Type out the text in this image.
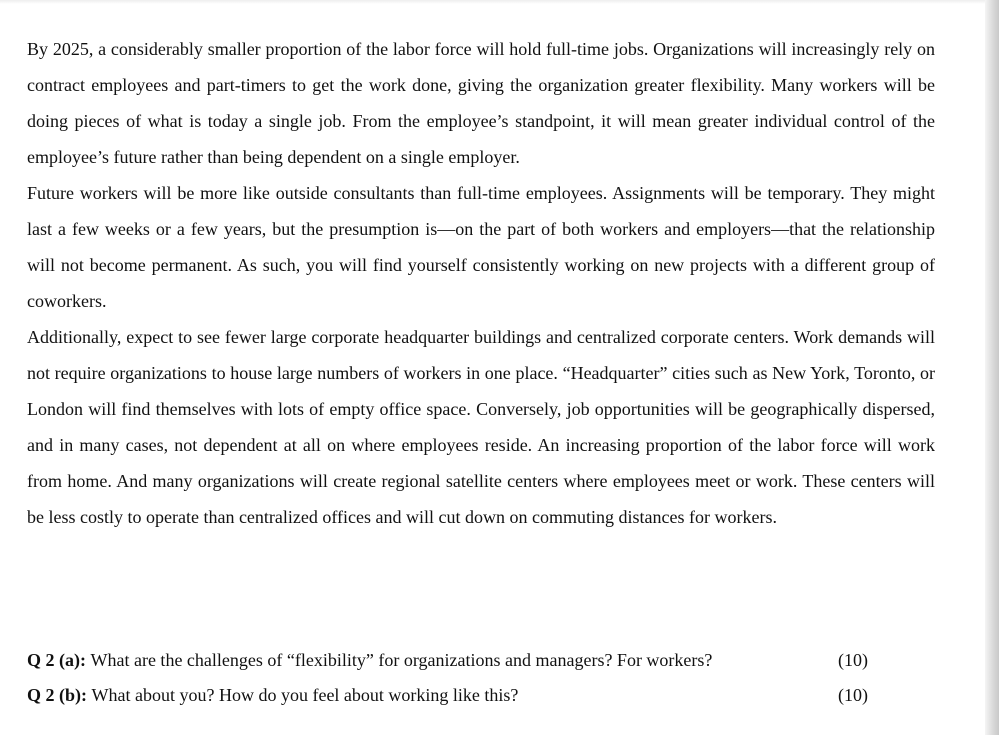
By 2025, a considerably smaller proportion of the labor force will hold full-time jobs. Organizations will increasingly rely on contract employees and part-timers to get the work done, giving the organization greater flexibility. Many workers will be doing pieces of what is today a single job. From the employee’s standpoint, it will mean greater individual control of the employee’s future rather than being dependent on a single employer.

Future workers will be more like outside consultants than full-time employees. Assignments will be temporary. They might last a few weeks or a few years, but the presumption is—on the part of both workers and employers—that the relationship will not become permanent. As such, you will find yourself consistently working on new projects with a different group of coworkers.

Additionally, expect to see fewer large corporate headquarter buildings and centralized corporate centers. Work demands will not require organizations to house large numbers of workers in one place. “Headquarter” cities such as New York, Toronto, or London will find themselves with lots of empty office space. Conversely, job opportunities will be geographically dispersed, and in many cases, not dependent at all on where employees reside. An increasing proportion of the labor force will work from home. And many organizations will create regional satellite centers where employees meet or work. These centers will be less costly to operate than centralized offices and will cut down on commuting distances for workers.

Q 2 (a): What are the challenges of “flexibility” for organizations and managers? For workers?	(10)
Q 2 (b): What about you? How do you feel about working like this?	(10)
